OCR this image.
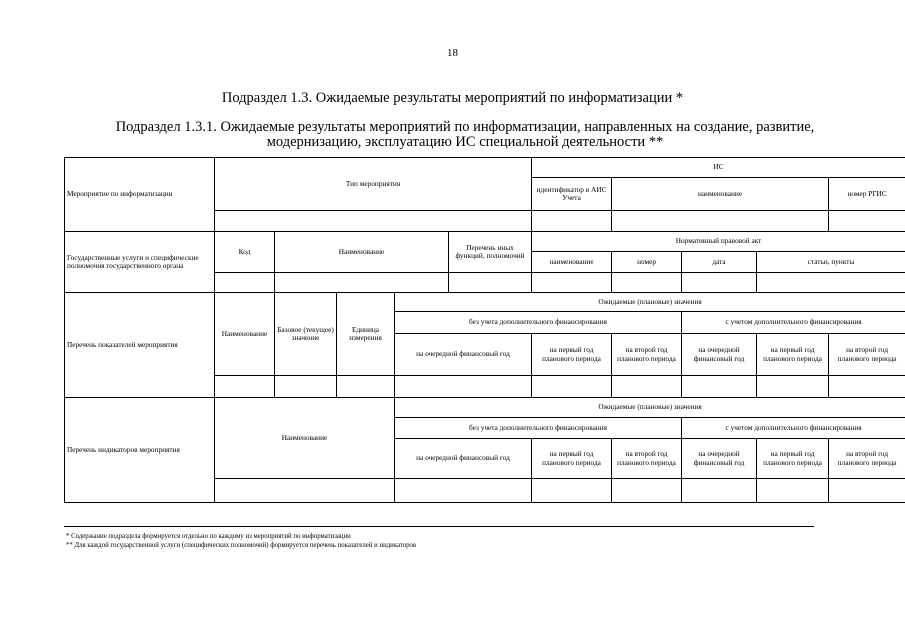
18
Подраздел 1.3. Ожидаемые результаты мероприятий по информатизации *
Подраздел 1.3.1. Ожидаемые результаты мероприятий по информатизации, направленных на создание, развитие,
модернизацию, эксплуатацию ИС специальной деятельности **
Мероприятие по информатизации	Тип мероприятия					ИС				
						идентификатор в АИС Учета	наименование			номер РГИС

Государственные услуги и специфические полномочия государственного органа	Код	Наименование			Перечень иных функций, полномочий	Нормативный правовой акт				
						наименование	номер	дата	статьи, пункты	

Перечень показателей мероприятия	Наименование	Базовое (текущее) значение	Единица измерения	Ожидаемые (плановые) значения						
				без учета дополнительного финансирования				с учетом дополнительного финансирования		
				на очередной финансовый год		на первый год планового периода	на второй год планового периода	на очередной финансовый год	на первый год планового периода	на второй год планового периода

Перечень индикаторов мероприятия	Наименование			Ожидаемые (плановые) значения						
				без учета дополнительного финансирования				с учетом дополнительного финансирования		
				на очередной финансовый год		на первый год планового периода	на второй год планового периода	на очередной финансовый год	на первый год планового периода	на второй год планового периода

* Содержание подраздела формируется отдельно по каждому из мероприятий по информатизации
** Для каждой государственной услуги (специфических полномочий) формируется перечень показателей и индикаторов
